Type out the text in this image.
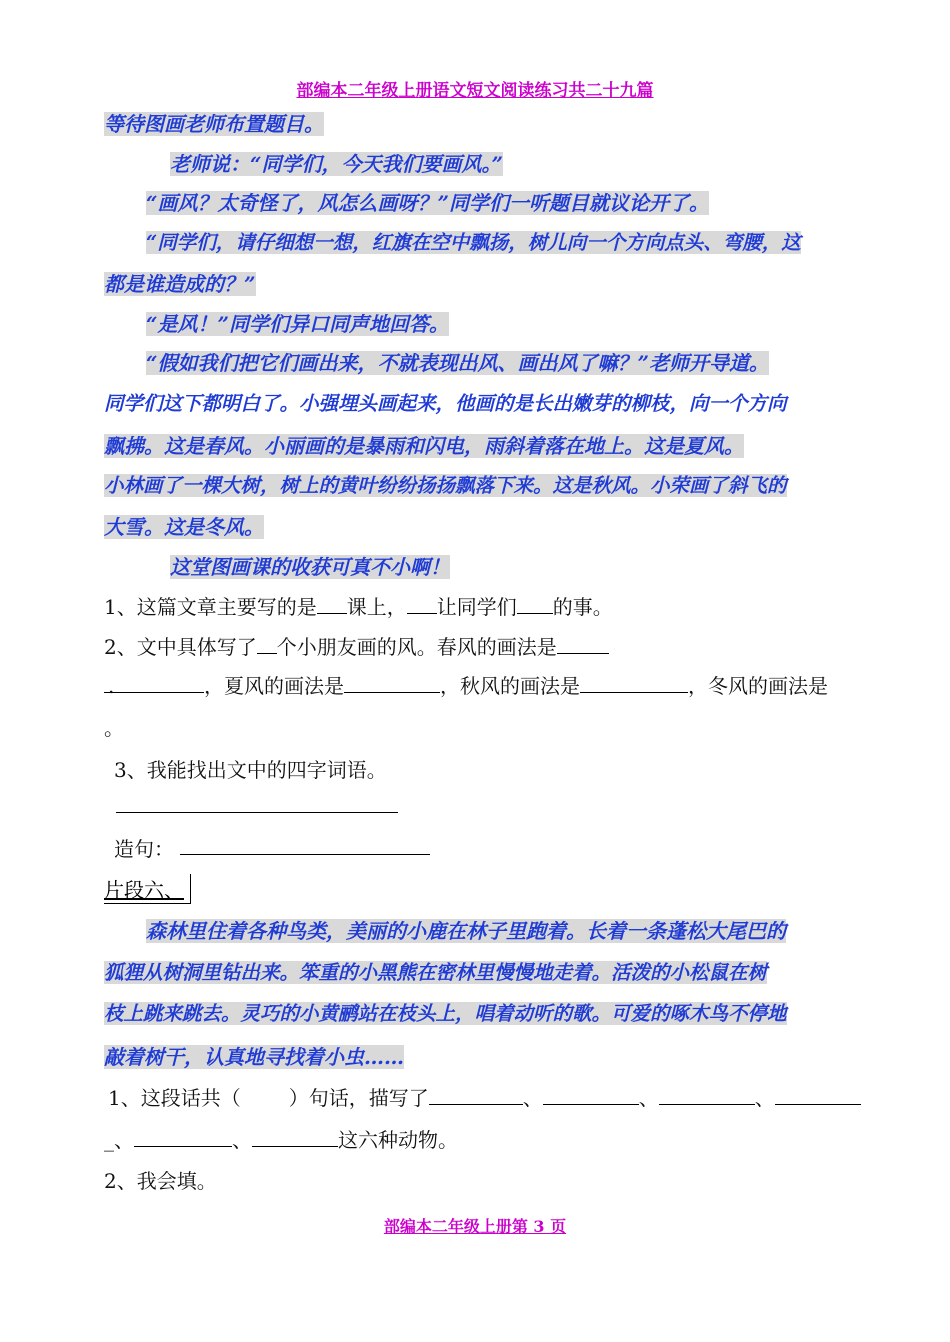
部编本二年级上册语文短文阅读练习共二十九篇
等待图画老师布置题目。
老师说：“同学们，今天我们要画风。”
“画风？太奇怪了，风怎么画呀？”同学们一听题目就议论开了。
“同学们，请仔细想一想，红旗在空中飘扬，树儿向一个方向点头、弯腰，这
都是谁造成的？”
“是风！”同学们异口同声地回答。
“假如我们把它们画出来，不就表现出风、画出风了嘛？”老师开导道。
同学们这下都明白了。小强埋头画起来，他画的是长出嫩芽的柳枝，向一个方向
飘拂。这是春风。小丽画的是暴雨和闪电，雨斜着落在地上。这是夏风。
小林画了一棵大树，树上的黄叶纷纷扬扬飘落下来。这是秋风。小荣画了斜飞的
大雪。这是冬风。
这堂图画课的收获可真不小啊！
1、这篇文章主要写的是 课上， 让同学们 的事。
2、文中具体写了 个小朋友画的风。春风的画法是
.	，夏风的画法是	，秋风的画法是	，冬风的画法是
。
3、我能找出文中的四字词语。
造句：
片段六、
森林里住着各种鸟类，美丽的小鹿在林子里跑着。长着一条蓬松大尾巴的
狐狸从树洞里钻出来。笨重的小黑熊在密林里慢慢地走着。活泼的小松鼠在树
枝上跳来跳去。灵巧的小黄鹂站在枝头上，唱着动听的歌。可爱的啄木鸟不停地
敲着树干，认真地寻找着小虫……
1、这段话共（ ）句话，描写了	、	、	、
_、	、	这六种动物。
2、我会填。
部编本二年级上册第 3 页
